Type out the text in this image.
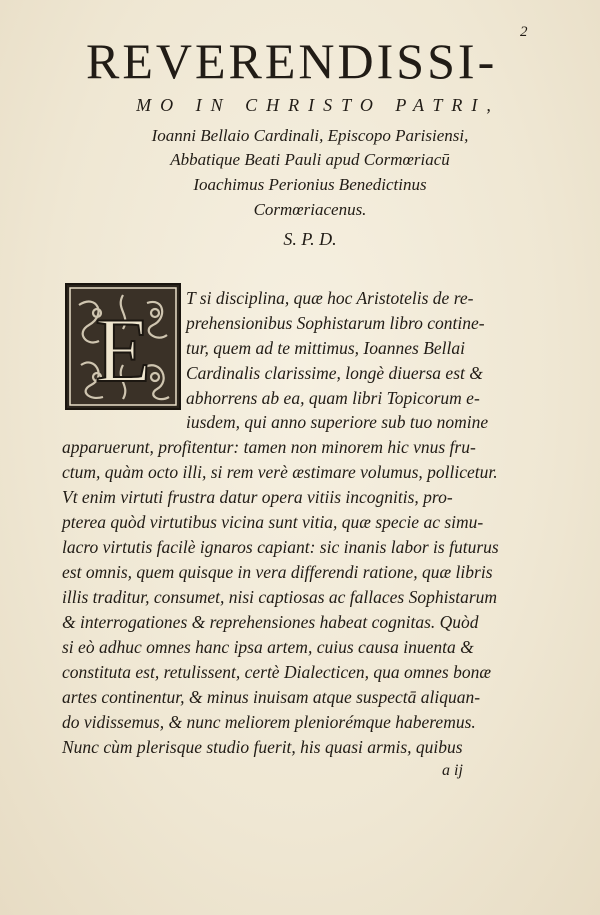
2
REVERENDISSI-
MO IN CHRISTO PATRI,
Ioanni Bellaio Cardinali, Episcopo Parisiensi,
Abbatique Beati Pauli apud Cormœriacū
Ioachimus Perionius Benedictinus
Cormœriacenus.
S. P. D.
E
T si disciplina, quæ hoc Aristotelis de re-
prehensionibus Sophistarum libro contine-
tur, quem ad te mittimus, Ioannes Bellai
Cardinalis clarissime, longè diuersa est &
abhorrens ab ea, quam libri Topicorum e-
iusdem, qui anno superiore sub tuo nomine
apparuerunt, profitentur: tamen non minorem hic vnus fru-
ctum, quàm octo illi, si rem verè æstimare volumus, pollicetur.
Vt enim virtuti frustra datur opera vitiis incognitis, pro-
pterea quòd virtutibus vicina sunt vitia, quæ specie ac simu-
lacro virtutis facilè ignaros capiant: sic inanis labor is futurus
est omnis, quem quisque in vera differendi ratione, quæ libris
illis traditur, consumet, nisi captiosas ac fallaces Sophistarum
& interrogationes & reprehensiones habeat cognitas. Quòd
si eò adhuc omnes hanc ipsa artem, cuius causa inuenta &
constituta est, retulissent, certè Dialecticen, qua omnes bonæ
artes continentur, & minus inuisam atque suspectā aliquan-
do vidissemus, & nunc meliorem pleniorémque haberemus.
Nunc cùm plerisque studio fuerit, his quasi armis, quibus
a ij
